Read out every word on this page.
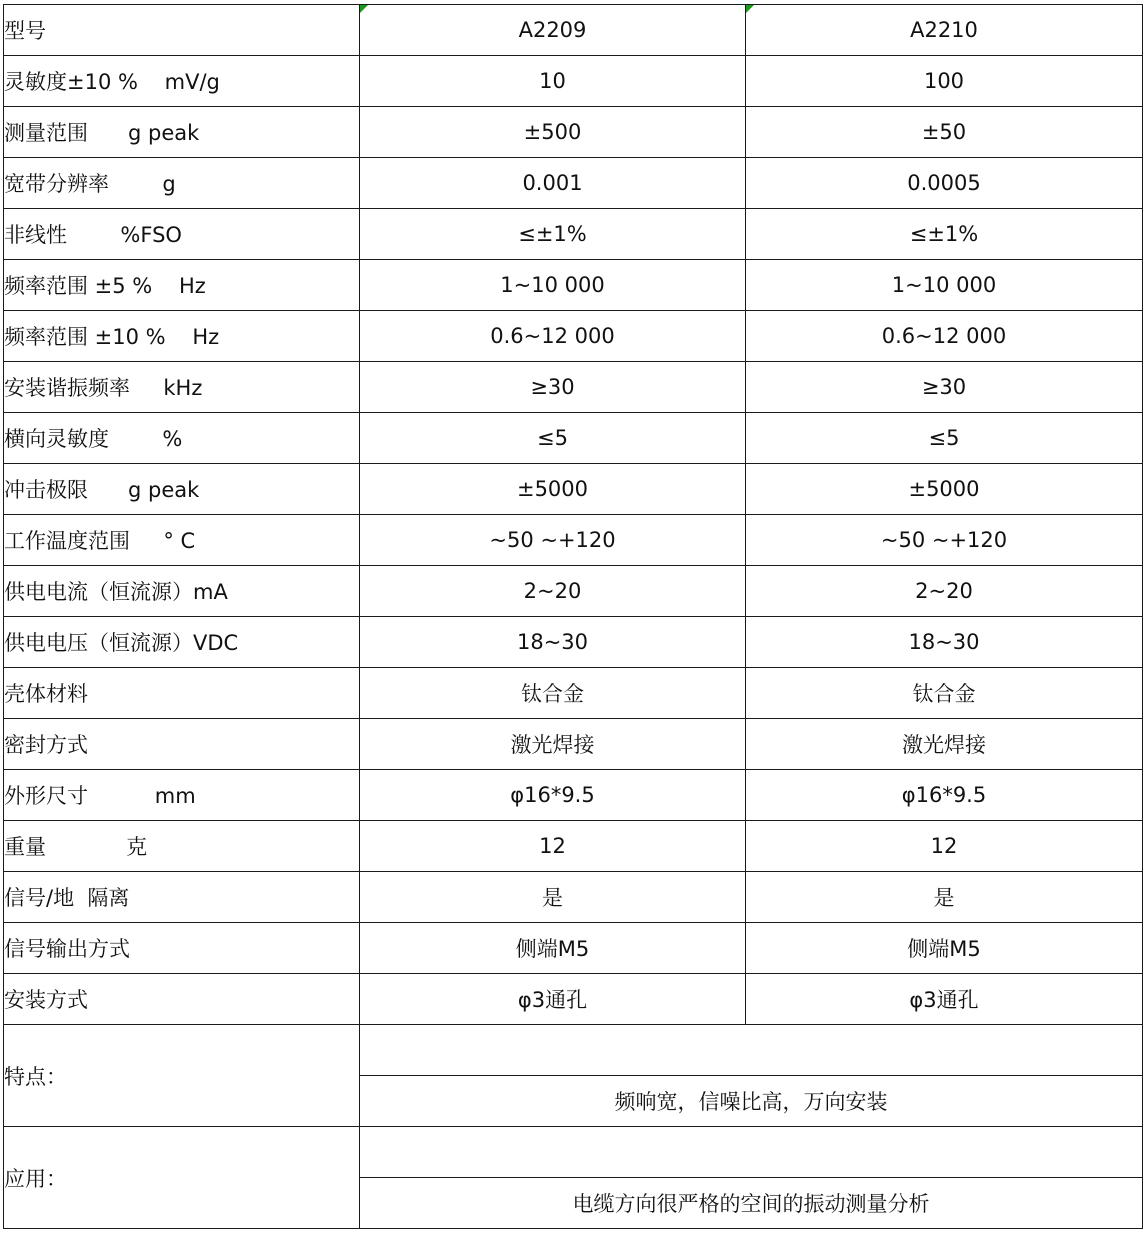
型号	A2209	A2210
灵敏度±10 %    mV/g	10	100
测量范围      g peak	±500	±50
宽带分辨率        g	0.001	0.0005
非线性        %FSO	≤±1%	≤±1%
频率范围 ±5 %    Hz	1~10 000	1~10 000
频率范围 ±10 %    Hz	0.6~12 000	0.6~12 000
安装谐振频率     kHz	≥30	≥30
横向灵敏度        %	≤5	≤5
冲击极限      g peak	±5000	±5000
工作温度范围     ° C	~50 ~+120	~50 ~+120
供电电流（恒流源）mA	2~20	2~20
供电电压（恒流源）VDC	18~30	18~30
壳体材料	钛合金	钛合金
密封方式	激光焊接	激光焊接
外形尺寸          mm	φ16*9.5	φ16*9.5
重量            克	12	12
信号/地  隔离	是	是
信号输出方式	侧端M5	侧端M5
安装方式	φ3通孔	φ3通孔
特点：		
	频响宽，信噪比高，万向安装	
应用：		
	电缆方向很严格的空间的振动测量分析	
